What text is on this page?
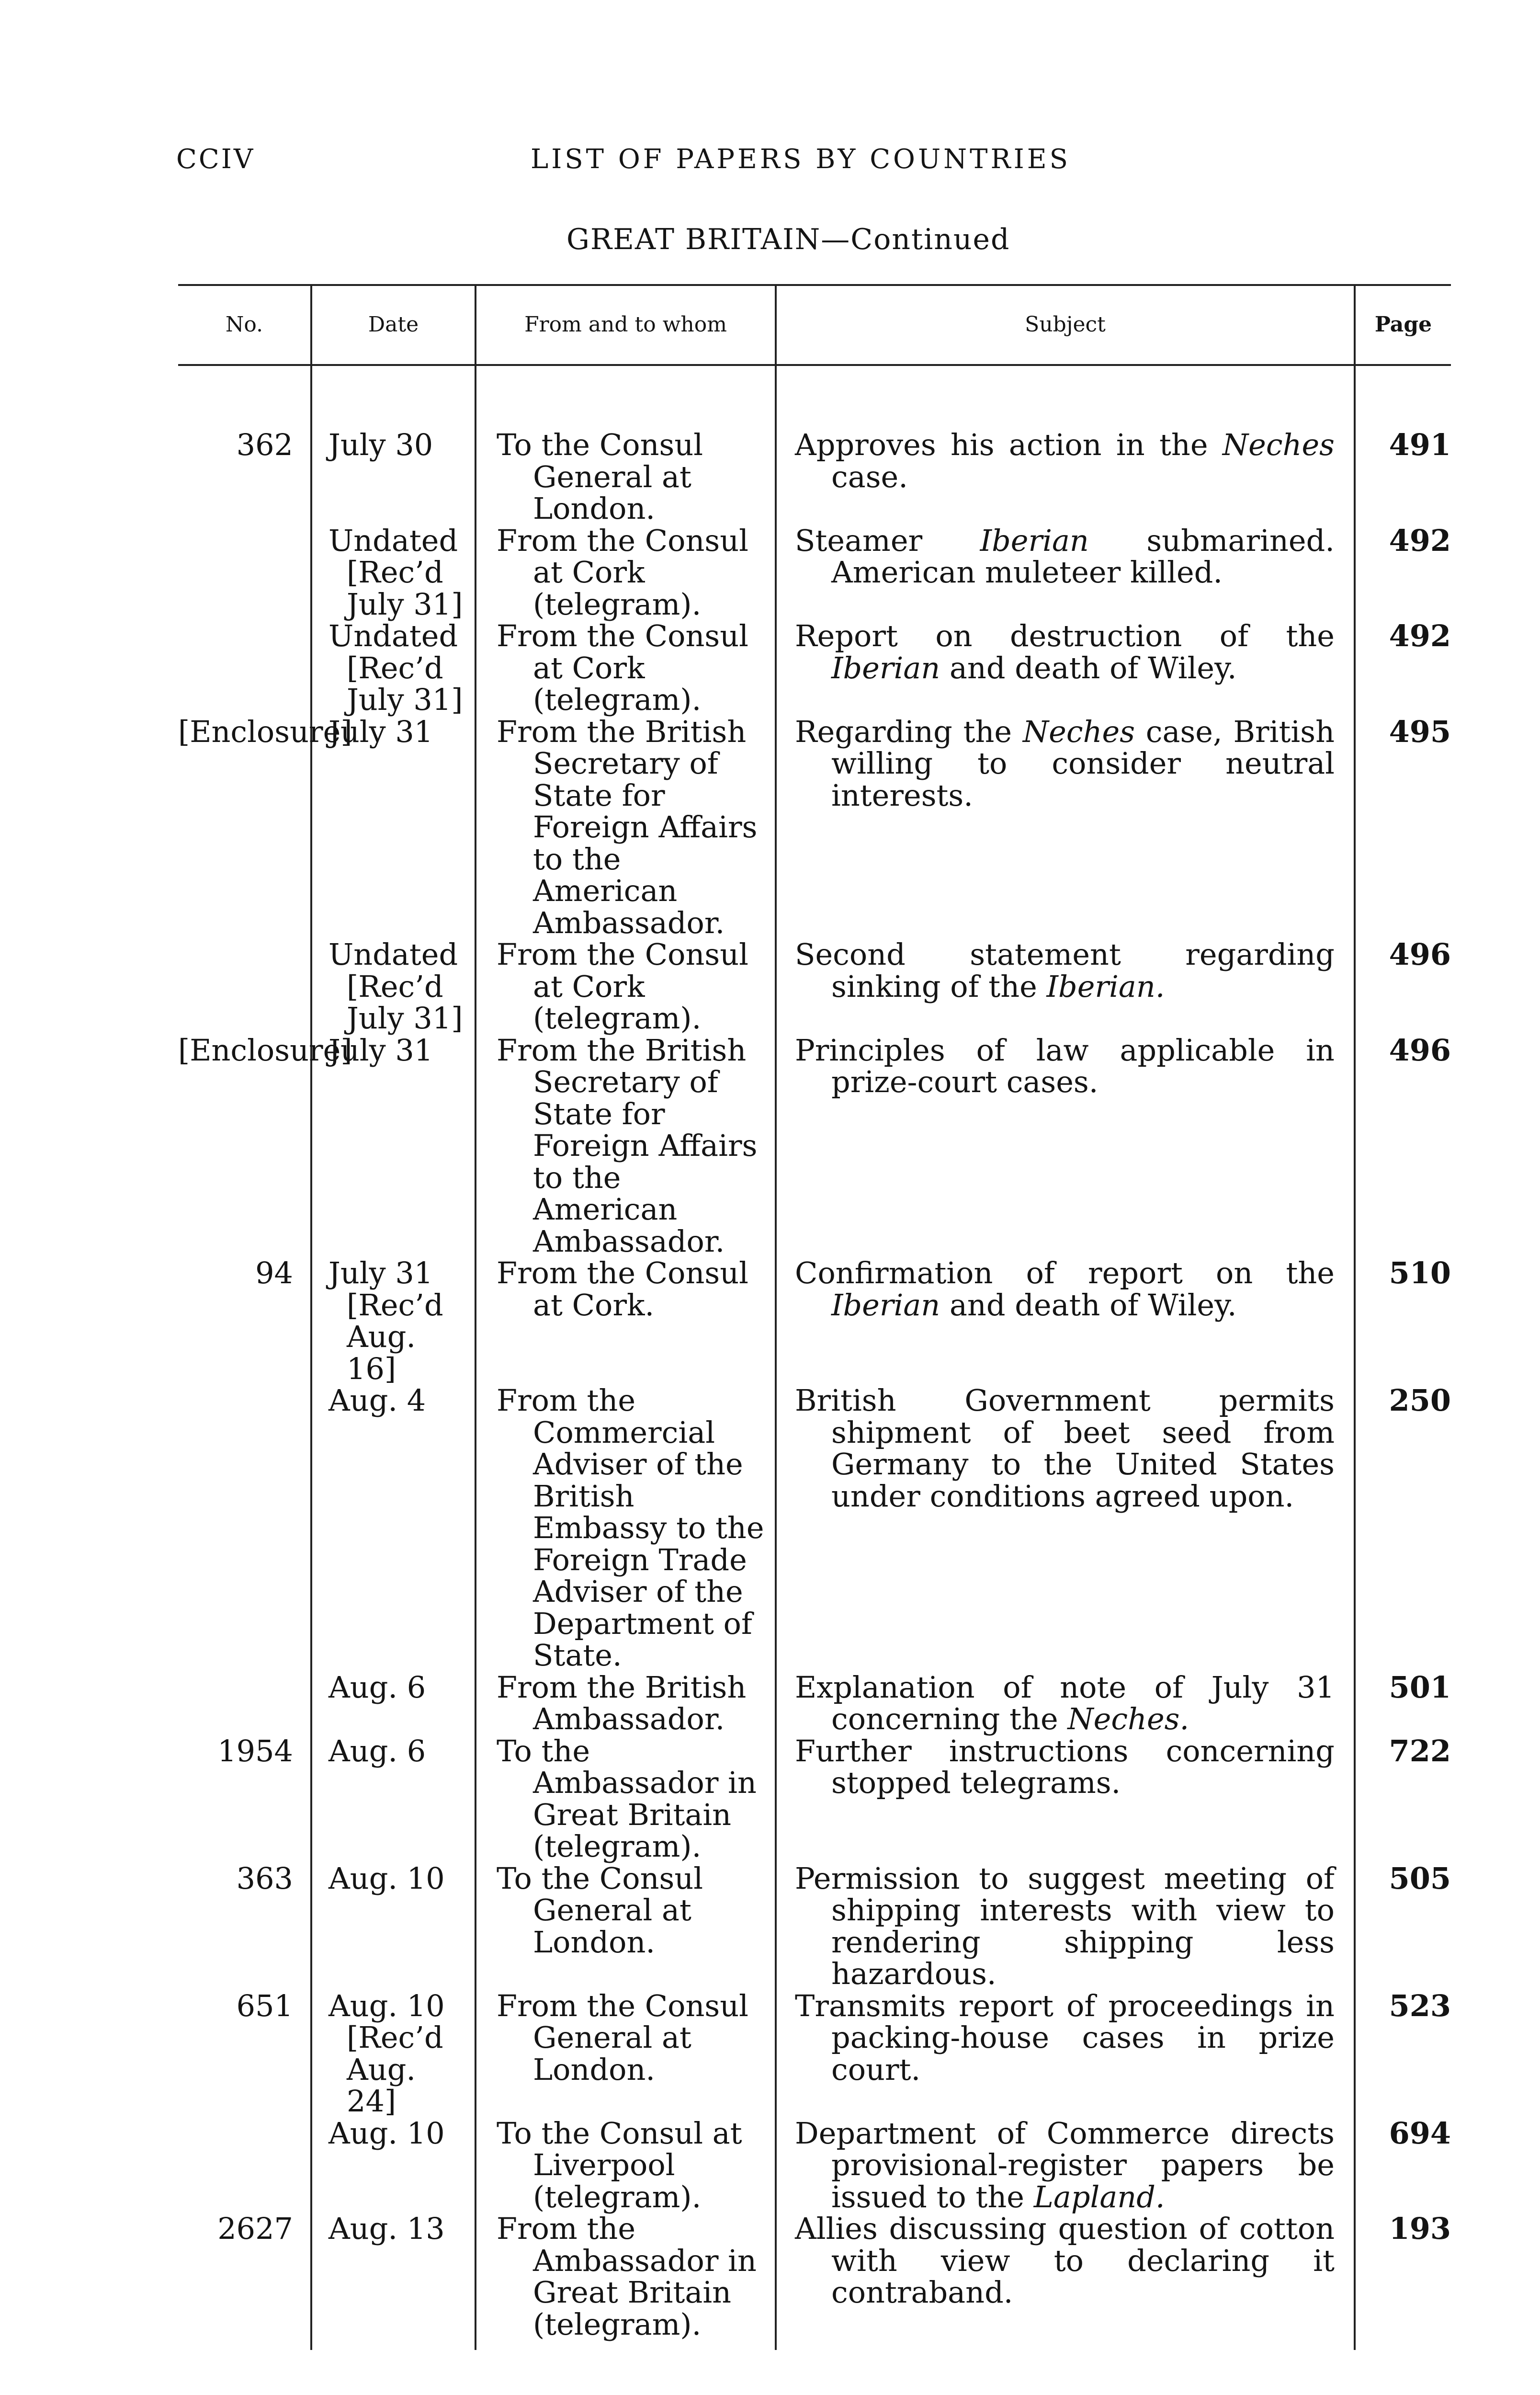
CCIV	LIST OF PAPERS BY COUNTRIES
GREAT BRITAIN—Continued
No.	Date	From and to whom	Subject	Page

362	July 30	To the Consul General at London.	Approves his action in the Neches case.	491

	Undated [Rec’d July 31]	From the Consul at Cork (telegram).	Steamer Iberian submarined. American muleteer killed.	492

	Undated [Rec’d July 31]	From the Consul at Cork (telegram).	Report on destruction of the Iberian and death of Wiley.	492
[Enclosure]	July 31	From the British Secretary of State for Foreign Affairs to the American Ambassador.	Regarding the Neches case, British willing to consider neutral interests.	495

	Undated [Rec’d July 31]	From the Consul at Cork (telegram).	Second statement regarding sinking of the Iberian.	496
[Enclosure]	July 31	From the British Secretary of State for Foreign Affairs to the American Ambassador.	Principles of law applicable in prize-court cases.	496
94	July 31 [Rec’d Aug. 16]	From the Consul at Cork.	Confirmation of report on the Iberian and death of Wiley.	510

	Aug. 4	From the Commercial Adviser of the British Embassy to the Foreign Trade Adviser of the Department of State.	British Government permits shipment of beet seed from Germany to the United States under conditions agreed upon.	250

	Aug. 6	From the British Ambassador.	Explanation of note of July 31 concerning the Neches.	501
1954	Aug. 6	To the Ambassador in Great Britain (telegram).	Further instructions concerning stopped telegrams.	722
363	Aug. 10	To the Consul General at London.	Permission to suggest meeting of shipping interests with view to rendering shipping less hazardous.	505
651	Aug. 10 [Rec’d Aug. 24]	From the Consul General at London.	Transmits report of proceedings in packing-house cases in prize court.	523

	Aug. 10	To the Consul at Liverpool (telegram).	Department of Commerce directs provisional-register papers be issued to the Lapland.	694
2627	Aug. 13	From the Ambassador in Great Britain (telegram).	Allies discussing question of cotton with view to declaring it contraband.	193
